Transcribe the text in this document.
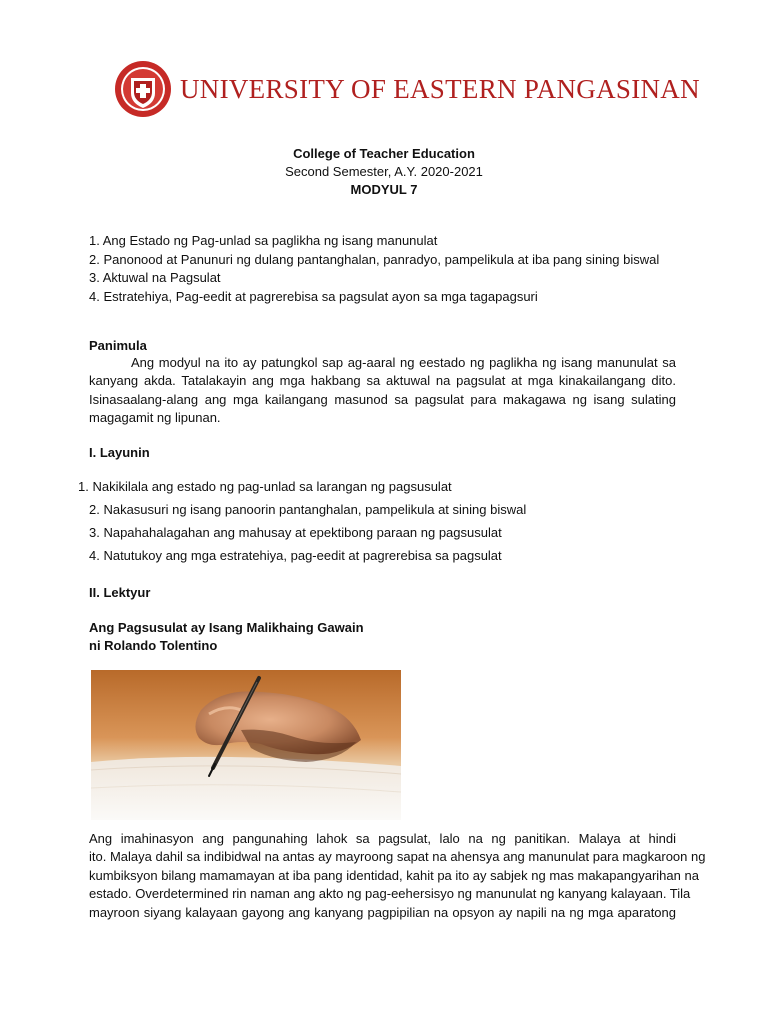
UNIVERSITY OF EASTERN PANGASINAN
College of Teacher Education
Second Semester, A.Y. 2020-2021
MODYUL 7
1. Ang Estado ng Pag-unlad sa paglikha ng isang manunulat
2. Panonood at Panunuri ng dulang pantanghalan, panradyo, pampelikula at iba pang sining biswal
3. Aktuwal na Pagsulat
4. Estratehiya, Pag-eedit at pagrerebisa sa pagsulat ayon sa mga tagapagsuri
Panimula
Ang modyul na ito ay patungkol sap ag-aaral ng eestado ng paglikha ng isang manunulat sa
kanyang akda. Tatalakayin ang mga hakbang sa aktuwal na pagsulat at mga kinakailangang dito.
Isinasaalang-alang ang mga kailangang masunod sa pagsulat para makagawa ng isang sulating
magagamit ng lipunan.
I. Layunin
1. Nakikilala ang estado ng pag-unlad sa larangan ng pagsusulat
2. Nakasusuri ng isang panoorin pantanghalan, pampelikula at sining biswal
3. Napahahalagahan ang mahusay at epektibong paraan ng pagsusulat
4. Natutukoy ang mga estratehiya, pag-eedit at pagrerebisa sa pagsulat
II. Lektyur
Ang Pagsusulat ay Isang Malikhaing Gawain
ni Rolando Tolentino
Ang imahinasyon ang pangunahing lahok sa pagsulat, lalo na ng panitikan. Malaya at hindi
ito. Malaya dahil sa indibidwal na antas ay mayroong sapat na ahensya ang manunulat para magkaroon ng
kumbiksyon bilang mamamayan at iba pang identidad, kahit pa ito ay sabjek ng mas makapangyarihan na
estado. Overdetermined rin naman ang akto ng pag-eehersisyo ng manunulat ng kanyang kalayaan. Tila
mayroon siyang kalayaan gayong ang kanyang pagpipilian na opsyon ay napili na ng mga aparatong
